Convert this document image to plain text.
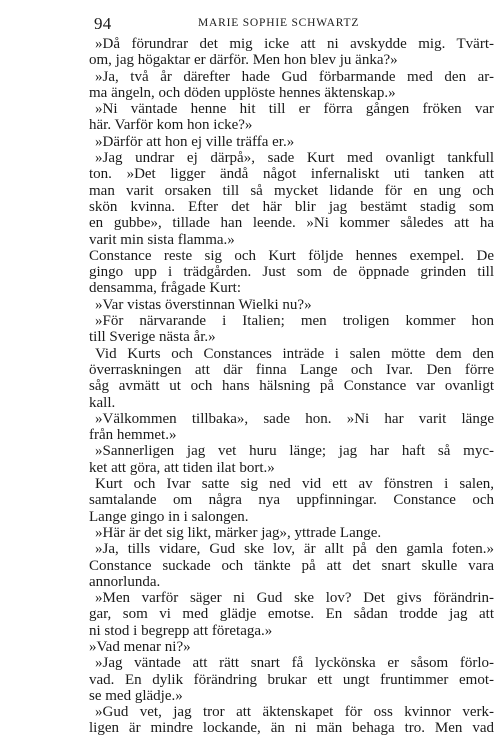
94	MARIE SOPHIE SCHWARTZ
»Då förundrar det mig icke att ni avskydde mig. Tvärt-
om, jag högaktar er därför. Men hon blev ju änka?»
»Ja, två år därefter hade Gud förbarmande med den ar-
ma ängeln, och döden upplöste hennes äktenskap.»
»Ni väntade henne hit till er förra gången fröken var
här. Varför kom hon icke?»
»Därför att hon ej ville träffa er.»
»Jag undrar ej därpå», sade Kurt med ovanligt tankfull
ton. »Det ligger ändå något infernaliskt uti tanken att
man varit orsaken till så mycket lidande för en ung och
skön kvinna. Efter det här blir jag bestämt stadig som
en gubbe», tillade han leende. »Ni kommer således att ha
varit min sista flamma.»
Constance reste sig och Kurt följde hennes exempel. De
gingo upp i trädgården. Just som de öppnade grinden till
densamma, frågade Kurt:
»Var vistas överstinnan Wielki nu?»
»För närvarande i Italien; men troligen kommer hon
till Sverige nästa år.»
Vid Kurts och Constances inträde i salen mötte dem den
överraskningen att där finna Lange och Ivar. Den förre
såg avmätt ut och hans hälsning på Constance var ovanligt
kall.
»Välkommen tillbaka», sade hon. »Ni har varit länge
från hemmet.»
»Sannerligen jag vet huru länge; jag har haft så myc-
ket att göra, att tiden ilat bort.»
Kurt och Ivar satte sig ned vid ett av fönstren i salen,
samtalande om några nya uppfinningar. Constance och
Lange gingo in i salongen.
»Här är det sig likt, märker jag», yttrade Lange.
»Ja, tills vidare, Gud ske lov, är allt på den gamla foten.»
Constance suckade och tänkte på att det snart skulle vara
annorlunda.
»Men varför säger ni Gud ske lov? Det givs förändrin-
gar, som vi med glädje emotse. En sådan trodde jag att
ni stod i begrepp att företaga.»
»Vad menar ni?»
»Jag väntade att rätt snart få lyckönska er såsom förlo-
vad. En dylik förändring brukar ett ungt fruntimmer emot-
se med glädje.»
»Gud vet, jag tror att äktenskapet för oss kvinnor verk-
ligen är mindre lockande, än ni män behaga tro. Men vad
